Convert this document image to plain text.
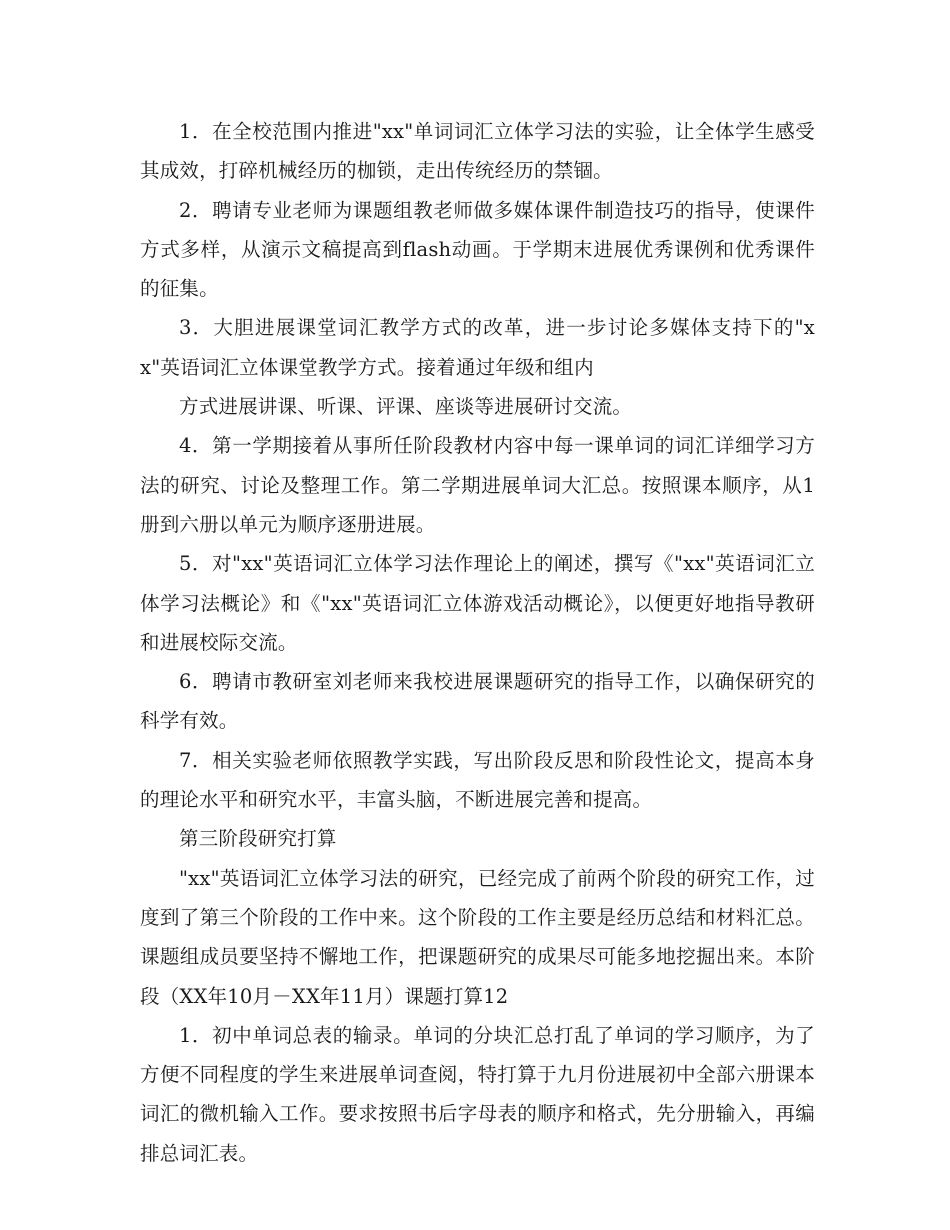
1．在全校范围内推进"xx"单词词汇立体学习法的实验，让全体学生感受其成效，打碎机械经历的枷锁，走出传统经历的禁锢。

2．聘请专业老师为课题组教老师做多媒体课件制造技巧的指导，使课件方式多样，从演示文稿提高到flash动画。于学期末进展优秀课例和优秀课件的征集。

3．大胆进展课堂词汇教学方式的改革，进一步讨论多媒体支持下的"xx"英语词汇立体课堂教学方式。接着通过年级和组内

方式进展讲课、听课、评课、座谈等进展研讨交流。

4．第一学期接着从事所任阶段教材内容中每一课单词的词汇详细学习方法的研究、讨论及整理工作。第二学期进展单词大汇总。按照课本顺序，从1册到六册以单元为顺序逐册进展。

5．对"xx"英语词汇立体学习法作理论上的阐述，撰写《"xx"英语词汇立体学习法概论》和《"xx"英语词汇立体游戏活动概论》，以便更好地指导教研和进展校际交流。

6．聘请市教研室刘老师来我校进展课题研究的指导工作，以确保研究的科学有效。

7．相关实验老师依照教学实践，写出阶段反思和阶段性论文，提高本身的理论水平和研究水平，丰富头脑，不断进展完善和提高。

第三阶段研究打算

"xx"英语词汇立体学习法的研究，已经完成了前两个阶段的研究工作，过度到了第三个阶段的工作中来。这个阶段的工作主要是经历总结和材料汇总。课题组成员要坚持不懈地工作，把课题研究的成果尽可能多地挖掘出来。本阶段（XX年10月－XX年11月）课题打算12

1．初中单词总表的输录。单词的分块汇总打乱了单词的学习顺序，为了方便不同程度的学生来进展单词查阅，特打算于九月份进展初中全部六册课本词汇的微机输入工作。要求按照书后字母表的顺序和格式，先分册输入，再编排总词汇表。
